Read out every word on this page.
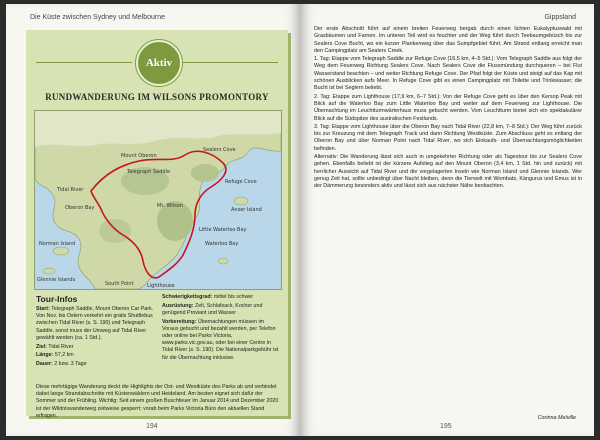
Die Küste zwischen Sydney und Melbourne
Aktiv
RUNDWANDERUNG IM WILSONS PROMONTORY
Mount Oberon
Oberon Bay
Tidal River
Refuge Cove
Sealers Cove
Telegraph Saddle
Mt. Wilson
Little Waterloo Bay
Waterloo Bay
Lighthouse
South Point
Norman Island
Glennie Islands
Anser Island
Tour-Infos

Start: Telegraph Saddle, Mount Oberon Car Park. Von Nov. bis Ostern verkehrt ein gratis Shuttlebus zwischen Tidal River (s. S. 190) und Telegraph Saddle, sonst muss der Umweg auf Tidal River gewählt werden (ca. 1 Std.).

Ziel: Tidal River

Länge: 57,2 km

Dauer: 2 bzw. 3 Tage

Schwierigkeitsgrad: mittel bis schwer

Ausrüstung: Zelt, Schlafsack, Kocher und genügend Proviant und Wasser

Vorbereitung: Übernachtungen müssen im Voraus gebucht und bezahlt werden, per Telefon oder online bei Parks Victoria, www.parks.vic.gov.au, oder bei einer Centre in Tidal River (s. S. 190). Die Nationalparkgebühr ist für die Übernachtung inklusive.

Diese mehrtägige Wanderung deckt die Highlights der Ost- und Westküste des Parks ab und verbindet dabei lange Strandabschnitte mit Küstenwäldern und Heideland. Am besten eignet sich dafür der Sommer und der Frühling. Wichtig: Seit einem großen Buschfeuer im Januar 2014 und Dezember 2020 ist der Wildniswanderweg zeitweise gesperrt; vorab beim Parks Victoria Büro den aktuellen Stand erfragen.
194
Gippsland

Der erste Abschnitt führt auf einem breiten Feuerweg bergab durch einen lichten Eukalyptuswald mit Grasbäumen und Farnen. Im unteren Teil wird es feuchter und der Weg führt durch Teebaumgebüsch bis zur Sealers Cove Bucht, wo ein kurzer Plankenweg über das Sumpfgebiet führt. Am Strand entlang erreicht man den Campingplatz am Sealers Creek.

1. Tag: Etappe vom Telegraph Saddle zur Refuge Cove (16,5 km, 4–5 Std.): Vom Telegraph Saddle aus folgt der Weg dem Feuerweg Richtung Sealers Cove. Nach Sealers Cove die Flussmündung durchqueren – bei Flut Wasserstand beachten – und weiter Richtung Refuge Cove. Der Pfad folgt der Küste und steigt auf das Kap mit schönen Ausblicken aufs Meer. In Refuge Cove gibt es einen Campingplatz mit Toilette und Trinkwasser; die Bucht ist bei Seglern beliebt.

2. Tag: Etappe zum Lighthouse (17,9 km, 6–7 Std.): Von der Refuge Cove geht es über den Kersop Peak mit Blick auf die Waterloo Bay zum Little Waterloo Bay und weiter auf dem Feuerweg zur Lighthouse. Die Übernachtung im Leuchtturmwärterhaus muss gebucht werden. Vom Leuchtturm bietet sich ein spektakulärer Blick auf die Südspitze des australischen Festlands.

3. Tag: Etappe vom Lighthouse über die Oberon Bay nach Tidal River (22,8 km, 7–8 Std.): Der Weg führt zurück bis zur Kreuzung mit dem Telegraph Track und dann Richtung Westküste. Zum Abschluss geht es entlang der Oberon Bay und über Norman Point nach Tidal River, wo sich Einkaufs- und Übernachtungsmöglichkeiten befinden.

Alternativ: Die Wanderung lässt sich auch in umgekehrter Richtung oder als Tagestour bis zur Sealers Cove gehen. Ebenfalls beliebt ist der kürzere Aufstieg auf den Mount Oberon (3,4 km, 1 Std. hin und zurück) mit herrlicher Aussicht auf Tidal River und die vorgelagerten Inseln wie Norman Island und Glennie Islands. Wer genug Zeit hat, sollte unbedingt über Nacht bleiben, denn die Tierwelt mit Wombats, Kängurus und Emus ist in der Dämmerung besonders aktiv und lässt sich aus nächster Nähe beobachten.

Corinna Melville
195
